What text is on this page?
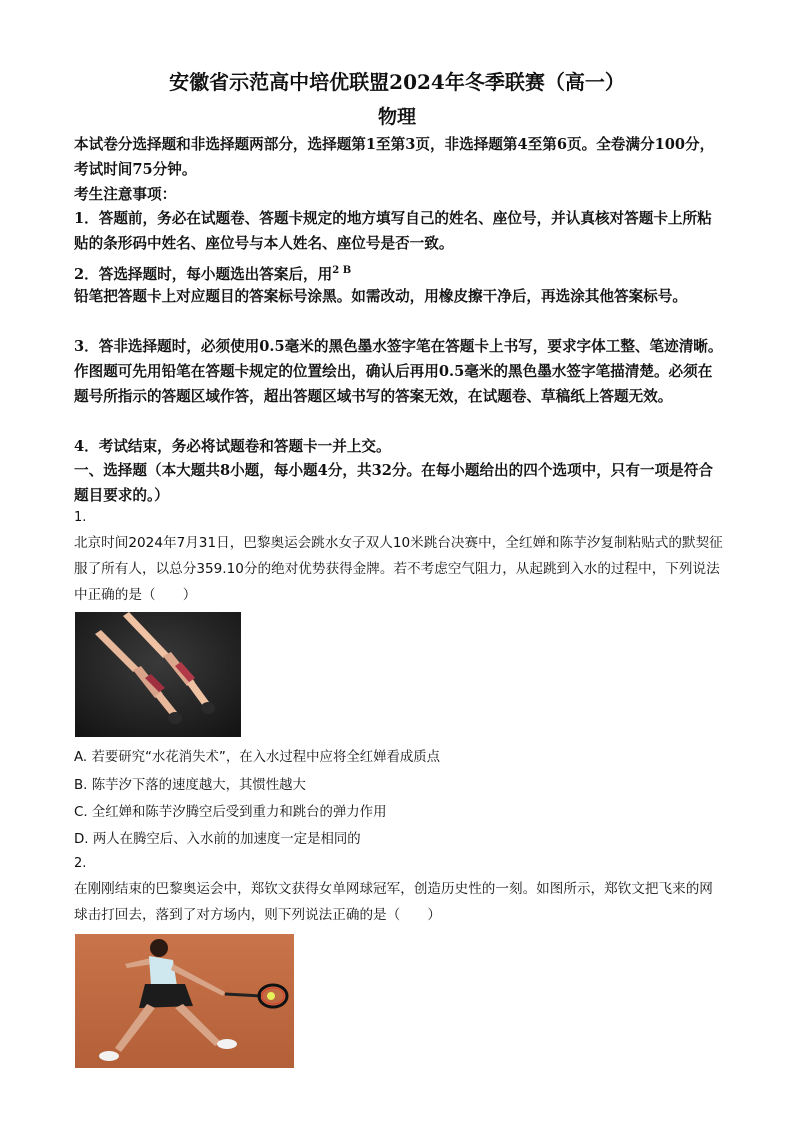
安徽省示范高中培优联盟2024年冬季联赛（高一）
物理

本试卷分选择题和非选择题两部分，选择题第1至第3页，非选择题第4至第6页。全卷满分100分，考试时间75分钟。

考生注意事项：

1．答题前，务必在试题卷、答题卡规定的地方填写自己的姓名、座位号，并认真核对答题卡上所粘贴的条形码中姓名、座位号与本人姓名、座位号是否一致。

2．答选择题时，每小题选出答案后，用$^{2 B}$

铅笔把答题卡上对应题目的答案标号涂黑。如需改动，用橡皮擦干净后，再选涂其他答案标号。

3．答非选择题时，必须使用0.5毫米的黑色墨水签字笔在答题卡上书写，要求字体工整、笔迹清晰。作图题可先用铅笔在答题卡规定的位置绘出，确认后再用0.5毫米的黑色墨水签字笔描清楚。必须在题号所指示的答题区域作答，超出答题区域书写的答案无效，在试题卷、草稿纸上答题无效。

4．考试结束，务必将试题卷和答题卡一并上交。

一、选择题（本大题共8小题，每小题4分，共32分。在每小题给出的四个选项中，只有一项是符合题目要求的。）

1.

北京时间2024年7月31日，巴黎奥运会跳水女子双人10米跳台决赛中，全红婵和陈芋汐复制粘贴式的默契征服了所有人，以总分359.10分的绝对优势获得金牌。若不考虑空气阻力，从起跳到入水的过程中，下列说法中正确的是（　　）

A. 若要研究“水花消失术”，在入水过程中应将全红婵看成质点
B. 陈芋汐下落的速度越大，其惯性越大
C. 全红婵和陈芋汐腾空后受到重力和跳台的弹力作用
D. 两人在腾空后、入水前的加速度一定是相同的
2.

在刚刚结束的巴黎奥运会中，郑钦文获得女单网球冠军，创造历史性的一刻。如图所示，郑钦文把飞来的网球击打回去，落到了对方场内，则下列说法正确的是（　　）
